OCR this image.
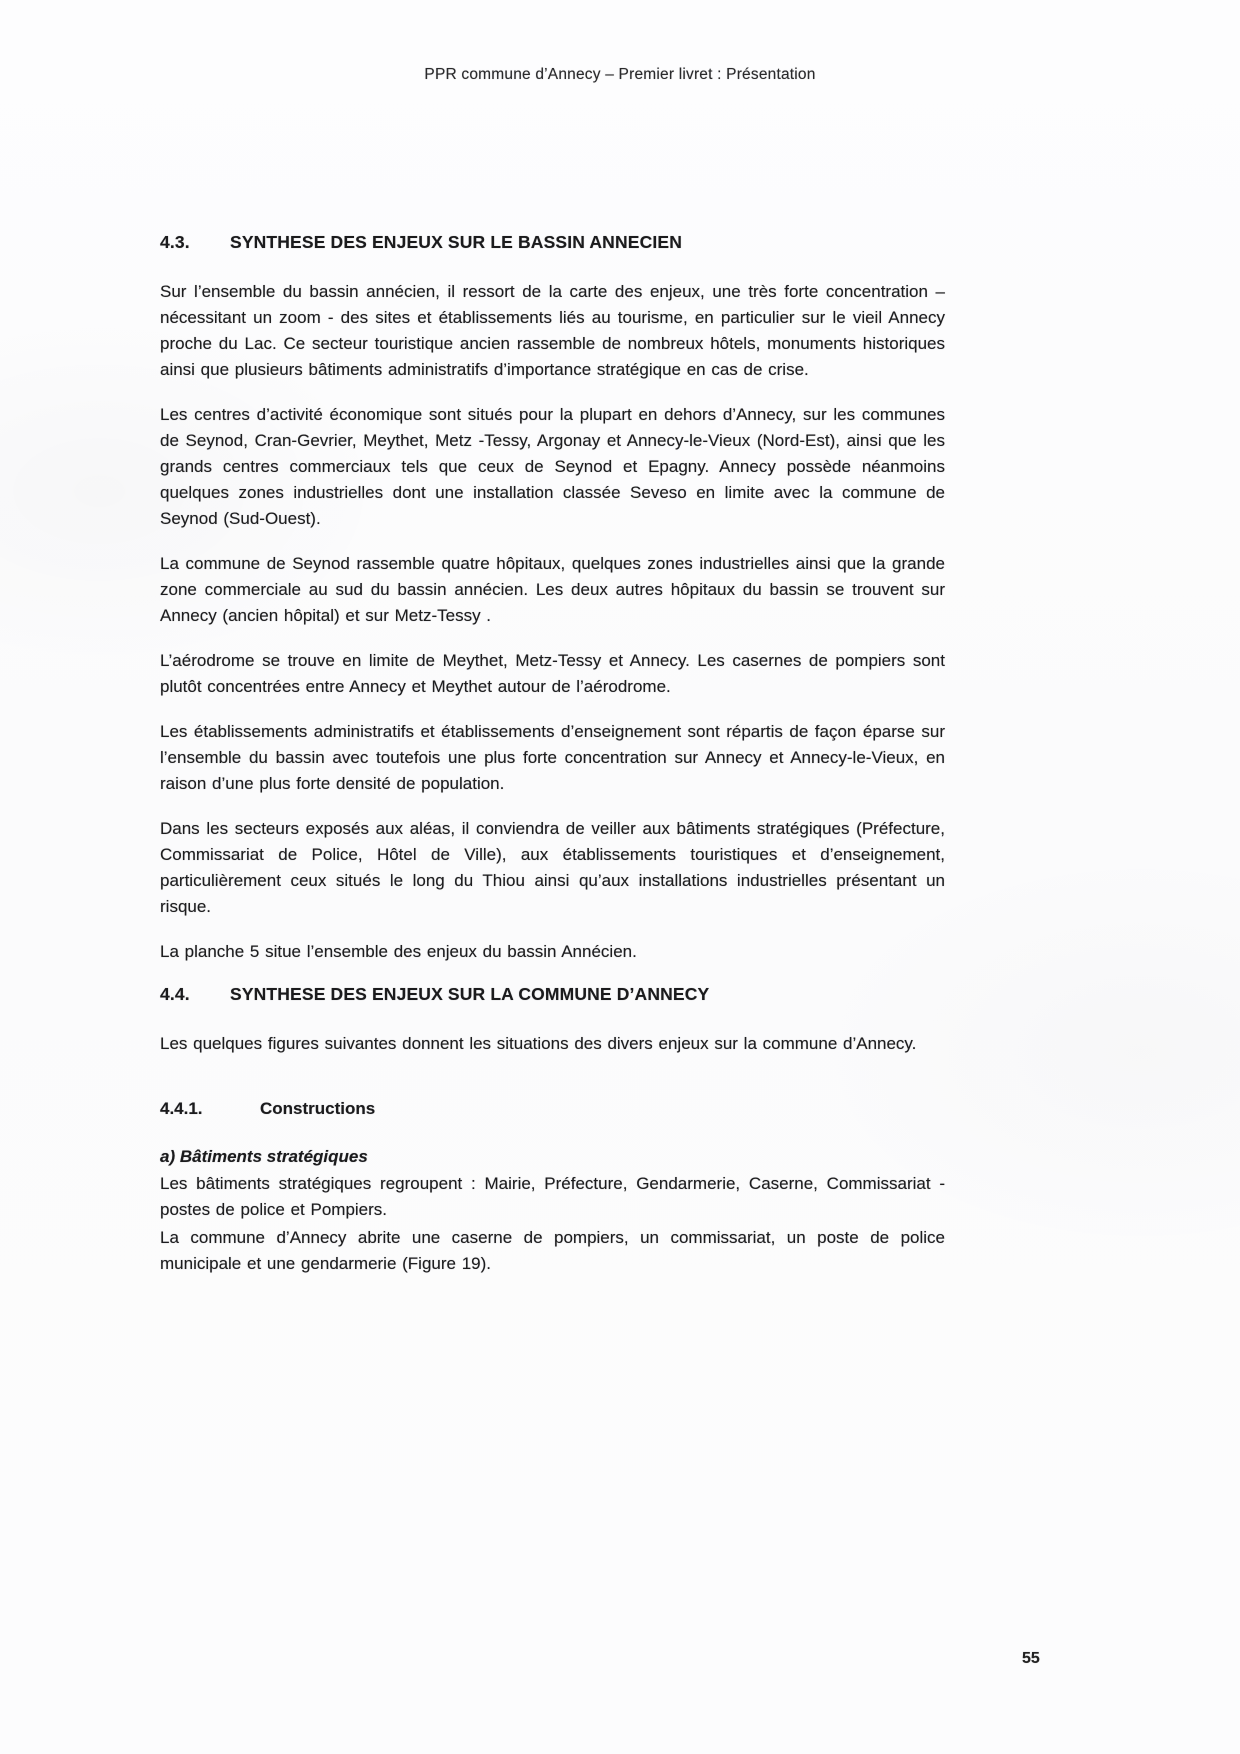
PPR commune d’Annecy – Premier livret : Présentation
4.3.	SYNTHESE DES ENJEUX SUR LE BASSIN ANNECIEN

Sur l’ensemble du bassin annécien, il ressort de la carte des enjeux, une très forte concentration – nécessitant un zoom - des sites et établissements liés au tourisme, en particulier sur le vieil Annecy proche du Lac. Ce secteur touristique ancien rassemble de nombreux hôtels, monuments historiques ainsi que plusieurs bâtiments administratifs d’importance stratégique en cas de crise.

Les centres d’activité économique sont situés pour la plupart en dehors d’Annecy, sur les communes de Seynod, Cran-Gevrier, Meythet, Metz -Tessy, Argonay et Annecy-le-Vieux (Nord-Est), ainsi que les grands centres commerciaux tels que ceux de Seynod et Epagny. Annecy possède néanmoins quelques zones industrielles dont une installation classée Seveso en limite avec la commune de Seynod (Sud-Ouest).

La commune de Seynod rassemble quatre hôpitaux, quelques zones industrielles ainsi que la grande zone commerciale au sud du bassin annécien. Les deux autres hôpitaux du bassin se trouvent sur Annecy (ancien hôpital) et sur Metz-Tessy .

L’aérodrome se trouve en limite de Meythet, Metz-Tessy et Annecy. Les casernes de pompiers sont plutôt concentrées entre Annecy et Meythet autour de l’aérodrome.

Les établissements administratifs et établissements d’enseignement sont répartis de façon éparse sur l’ensemble du bassin avec toutefois une plus forte concentration sur Annecy et Annecy-le-Vieux, en raison d’une plus forte densité de population.

Dans les secteurs exposés aux aléas, il conviendra de veiller aux bâtiments stratégiques (Préfecture, Commissariat de Police, Hôtel de Ville), aux établissements touristiques et d’enseignement, particulièrement ceux situés le long du Thiou ainsi qu’aux installations industrielles présentant un risque.

La planche 5 situe l’ensemble des enjeux du bassin Annécien.

4.4.	SYNTHESE DES ENJEUX SUR LA COMMUNE D’ANNECY

Les quelques figures suivantes donnent les situations des divers enjeux sur la commune d’Annecy.

4.4.1.	Constructions
a) Bâtiments stratégiques

Les bâtiments stratégiques regroupent : Mairie, Préfecture, Gendarmerie, Caserne, Commissariat - postes de police et Pompiers.

La commune d’Annecy abrite une caserne de pompiers, un commissariat, un poste de police municipale et une gendarmerie (Figure 19).

55
